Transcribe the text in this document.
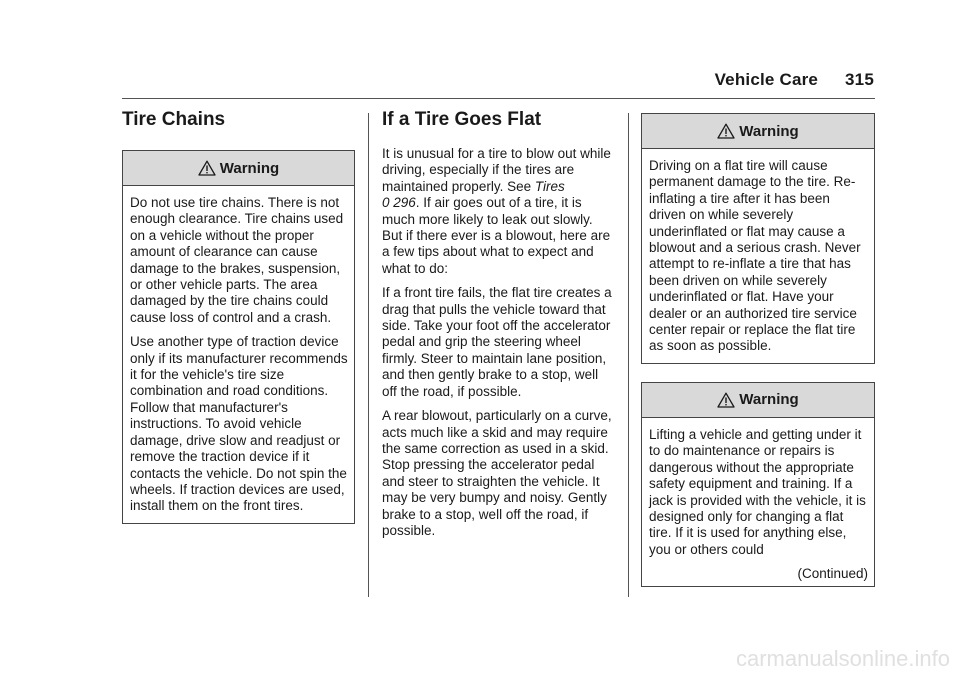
Vehicle Care 315
Tire Chains
Warning

Do not use tire chains. There is not enough clearance. Tire chains used on a vehicle without the proper amount of clearance can cause damage to the brakes, suspension, or other vehicle parts. The area damaged by the tire chains could cause loss of control and a crash.

Use another type of traction device only if its manufacturer recommends it for the vehicle's tire size combination and road conditions. Follow that manufacturer's instructions. To avoid vehicle damage, drive slow and readjust or remove the traction device if it contacts the vehicle. Do not spin the wheels. If traction devices are used, install them on the front tires.

If a Tire Goes Flat

It is unusual for a tire to blow out while driving, especially if the tires are maintained properly. See Tires
0 296. If air goes out of a tire, it is much more likely to leak out slowly. But if there ever is a blowout, here are a few tips about what to expect and what to do:

If a front tire fails, the flat tire creates a drag that pulls the vehicle toward that side. Take your foot off the accelerator pedal and grip the steering wheel firmly. Steer to maintain lane position, and then gently brake to a stop, well off the road, if possible.

A rear blowout, particularly on a curve, acts much like a skid and may require the same correction as used in a skid. Stop pressing the accelerator pedal and steer to straighten the vehicle. It may be very bumpy and noisy. Gently brake to a stop, well off the road, if possible.

Warning

Driving on a flat tire will cause permanent damage to the tire. Re-inflating a tire after it has been driven on while severely underinflated or flat may cause a blowout and a serious crash. Never attempt to re-inflate a tire that has been driven on while severely underinflated or flat. Have your dealer or an authorized tire service center repair or replace the flat tire as soon as possible.

Warning

Lifting a vehicle and getting under it to do maintenance or repairs is dangerous without the appropriate safety equipment and training. If a jack is provided with the vehicle, it is designed only for changing a flat tire. If it is used for anything else, you or others could

(Continued)
carmanualsonline.info
